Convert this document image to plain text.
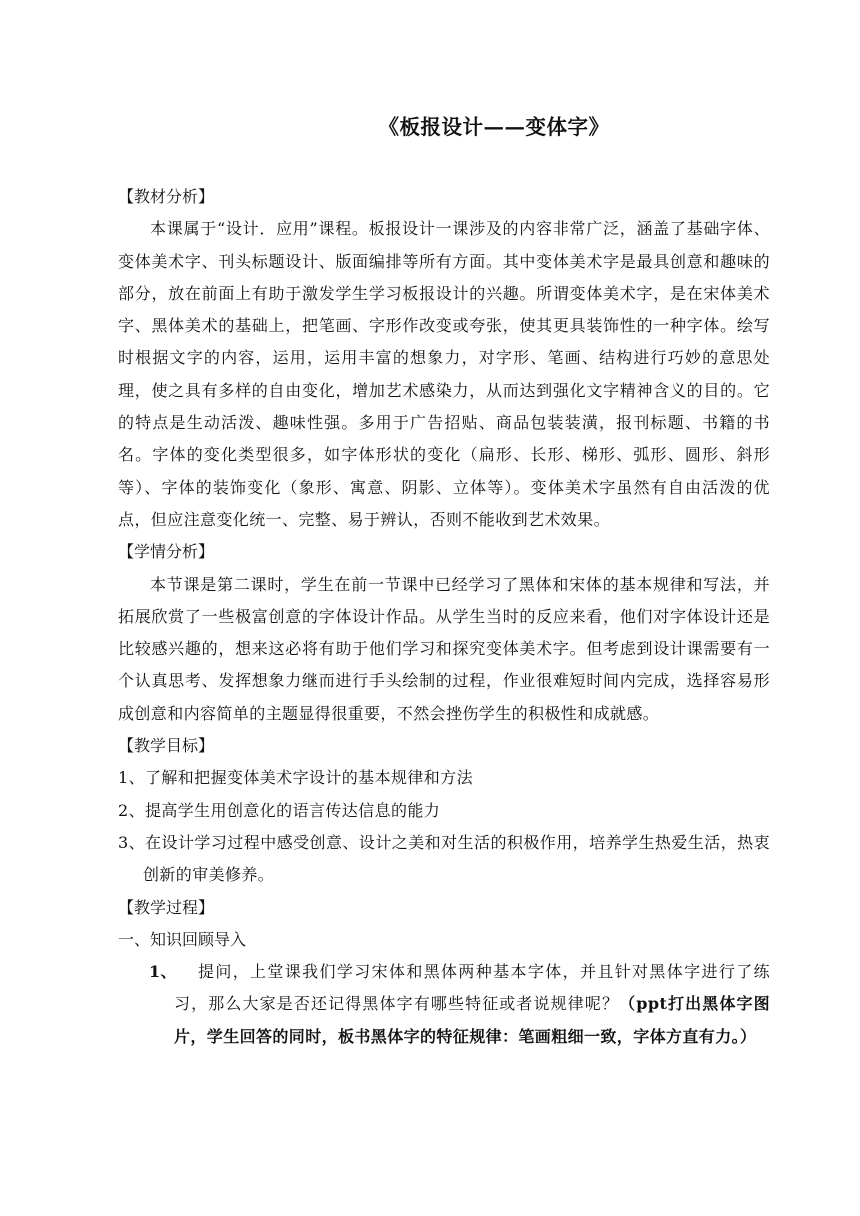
《板报设计——变体字》

【教材分析】

本课属于“设计．应用”课程。板报设计一课涉及的内容非常广泛，涵盖了基础字体、变体美术字、刊头标题设计、版面编排等所有方面。其中变体美术字是最具创意和趣味的部分，放在前面上有助于激发学生学习板报设计的兴趣。所谓变体美术字，是在宋体美术字、黑体美术的基础上，把笔画、字形作改变或夸张，使其更具装饰性的一种字体。绘写时根据文字的内容，运用，运用丰富的想象力，对字形、笔画、结构进行巧妙的意思处理，使之具有多样的自由变化，增加艺术感染力，从而达到强化文字精神含义的目的。它的特点是生动活泼、趣味性强。多用于广告招贴、商品包装装潢，报刊标题、书籍的书名。字体的变化类型很多，如字体形状的变化（扁形、长形、梯形、弧形、圆形、斜形等）、字体的装饰变化（象形、寓意、阴影、立体等）。变体美术字虽然有自由活泼的优点，但应注意变化统一、完整、易于辨认，否则不能收到艺术效果。

【学情分析】

本节课是第二课时，学生在前一节课中已经学习了黑体和宋体的基本规律和写法，并拓展欣赏了一些极富创意的字体设计作品。从学生当时的反应来看，他们对字体设计还是比较感兴趣的，想来这必将有助于他们学习和探究变体美术字。但考虑到设计课需要有一个认真思考、发挥想象力继而进行手头绘制的过程，作业很难短时间内完成，选择容易形成创意和内容简单的主题显得很重要，不然会挫伤学生的积极性和成就感。

【教学目标】

1、了解和把握变体美术字设计的基本规律和方法
2、提高学生用创意化的语言传达信息的能力
3、在设计学习过程中感受创意、设计之美和对生活的积极作用，培养学生热爱生活，热衷创新的审美修养。

【教学过程】

一、知识回顾导入

1、 提问，上堂课我们学习宋体和黑体两种基本字体，并且针对黑体字进行了练习，那么大家是否还记得黑体字有哪些特征或者说规律呢？（ppt打出黑体字图片，学生回答的同时，板书黑体字的特征规律：笔画粗细一致，字体方直有力。）
